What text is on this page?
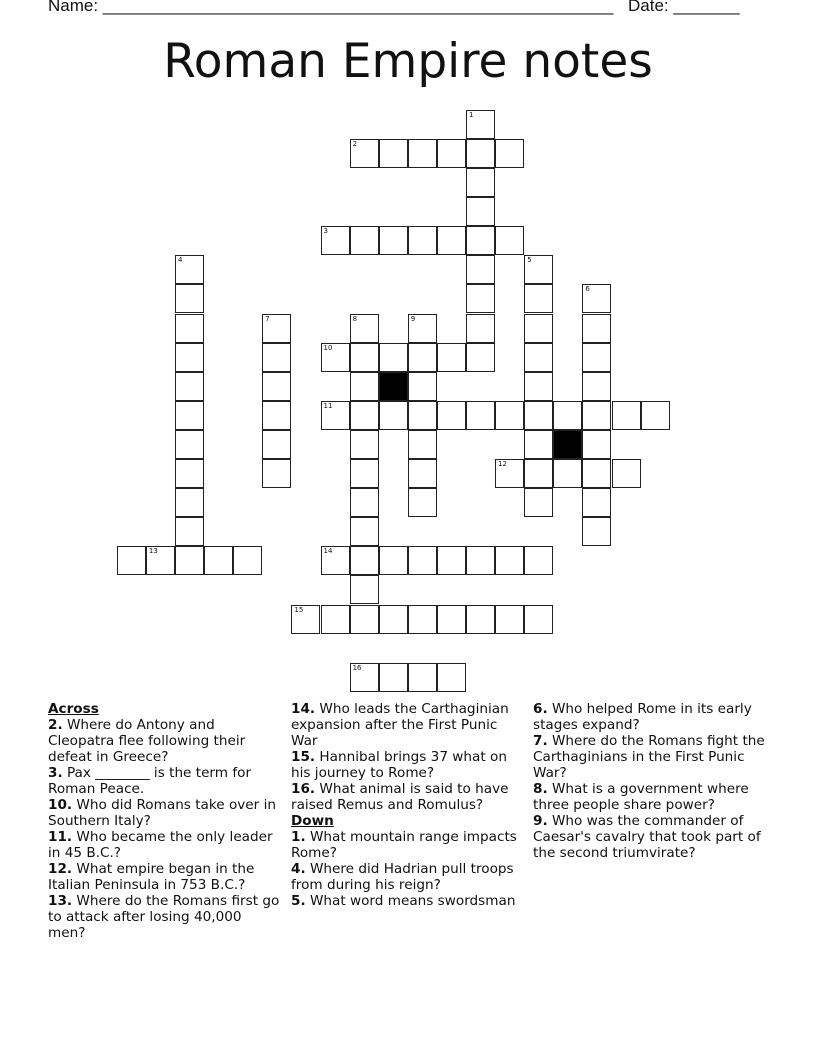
Name: ______________________________________________________ Date: _______
Roman Empire notes
1
2
3
4	5
6
7	8	9
10
11
12
13	14
15
16
Across
2. Where do Antony and Cleopatra flee following their defeat in Greece?
3. Pax ________ is the term for Roman Peace.
10. Who did Romans take over in Southern Italy?
11. Who became the only leader in 45 B.C.?
12. What empire began in the Italian Peninsula in 753 B.C.?
13. Where do the Romans first go to attack after losing 40,000 men?
14. Who leads the Carthaginian expansion after the First Punic War
15. Hannibal brings 37 what on his journey to Rome?
16. What animal is said to have raised Remus and Romulus?
Down
1. What mountain range impacts Rome?
4. Where did Hadrian pull troops from during his reign?
5. What word means swordsman
6. Who helped Rome in its early stages expand?
7. Where do the Romans fight the Carthaginians in the First Punic War?
8. What is a government where three people share power?
9. Who was the commander of Caesar's cavalry that took part of the second triumvirate?
